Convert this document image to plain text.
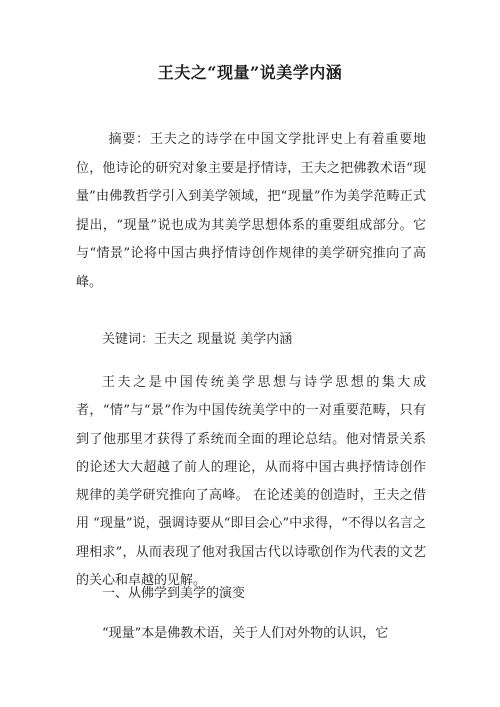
王夫之“现量”说美学内涵
摘要：王夫之的诗学在中国文学批评史上有着重要地位，他诗论的研究对象主要是抒情诗，王夫之把佛教术语“现量”由佛教哲学引入到美学领域，把“现量”作为美学范畴正式提出，“现量”说也成为其美学思想体系的重要组成部分。它与“情景”论将中国古典抒情诗创作规律的美学研究推向了高峰。
关键词：王夫之 现量说 美学内涵
王夫之是中国传统美学思想与诗学思想的集大成者，“情”与“景”作为中国传统美学中的一对重要范畴，只有到了他那里才获得了系统而全面的理论总结。他对情景关系的论述大大超越了前人的理论，从而将中国古典抒情诗创作规律的美学研究推向了高峰。 在论述美的创造时，王夫之借用 “现量”说，强调诗要从“即目会心”中求得，“不得以名言之理相求”，从而表现了他对我国古代以诗歌创作为代表的文艺的关心和卓越的见解。
一、从佛学到美学的演变
“现量”本是佛教术语，关于人们对外物的认识，它
